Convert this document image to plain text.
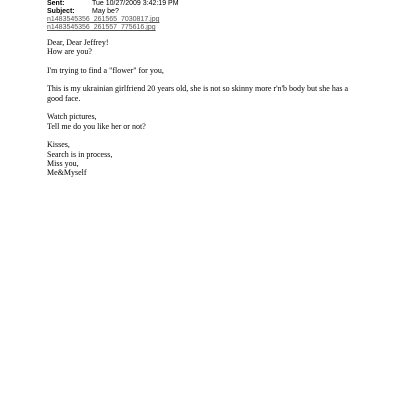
Sent:	Tue 10/27/2009 3:42:19 PM
Subject:	May be?
n1483545356_261565_7030817.jpg
n1483545356_261557_775616.jpg
Dear, Dear Jeffrey!
How are you?
I'm trying to find a "flower" for you,
This is my ukrainian girlfriend 20 years old, she is not so skinny more r'n'b body but she has a
good face.
Watch pictures,
Tell me do you like her or not?
Kisses,
Search is in process,
Miss you,
Me&Myself
